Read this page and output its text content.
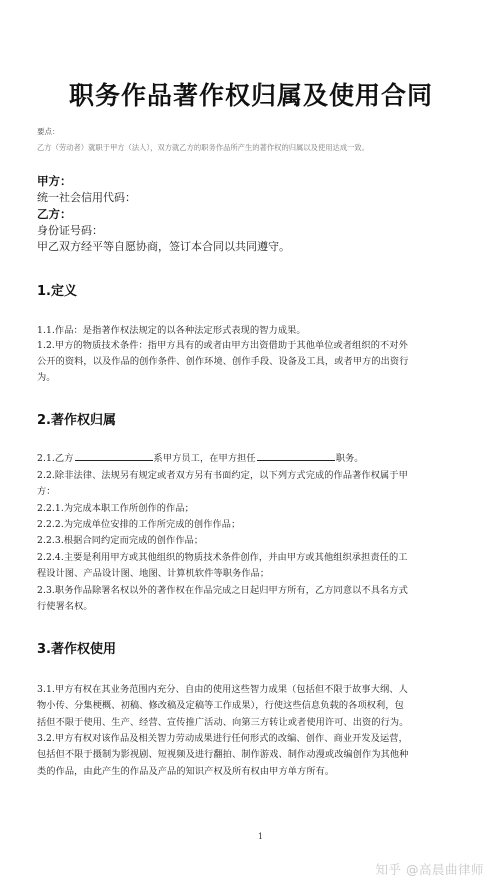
职务作品著作权归属及使用合同
要点：
乙方（劳动者）就职于甲方（法人），双方就乙方的职务作品所产生的著作权的归属以及使用达成一致。
甲方：
统一社会信用代码：
乙方：
身份证号码：
甲乙双方经平等自愿协商，签订本合同以共同遵守。
1.定义
1.1.作品：是指著作权法规定的以各种法定形式表现的智力成果。
1.2.甲方的物质技术条件：指甲方具有的或者由甲方出资借助于其他单位或者组织的不对外
公开的资料，以及作品的创作条件、创作环境、创作手段、设备及工具，或者甲方的出资行
为。
2.著作权归属
2.1.乙方	系甲方员工，在甲方担任	职务。
2.2.除非法律、法规另有规定或者双方另有书面约定，以下列方式完成的作品著作权属于甲
方：
2.2.1.为完成本职工作所创作的作品；
2.2.2.为完成单位安排的工作所完成的创作作品；
2.2.3.根据合同约定而完成的创作作品；
2.2.4.主要是利用甲方或其他组织的物质技术条件创作，并由甲方或其他组织承担责任的工
程设计图、产品设计图、地图、计算机软件等职务作品；
2.3.职务作品除署名权以外的著作权在作品完成之日起归甲方所有，乙方同意以不具名方式
行使署名权。
3.著作权使用
3.1.甲方有权在其业务范围内充分、自由的使用这些智力成果（包括但不限于故事大纲、人
物小传、分集梗概、初稿、修改稿及定稿等工作成果），行使这些信息负载的各项权利，包
括但不限于使用、生产、经营、宣传推广活动、向第三方转让或者使用许可、出资的行为。
3.2.甲方有权对该作品及相关智力劳动成果进行任何形式的改编、创作、商业开发及运营，
包括但不限于摄制为影视剧、短视频及进行翻拍、制作游戏、制作动漫或改编创作为其他种
类的作品，由此产生的作品及产品的知识产权及所有权由甲方单方所有。
1
知乎 @高晨曲律师
